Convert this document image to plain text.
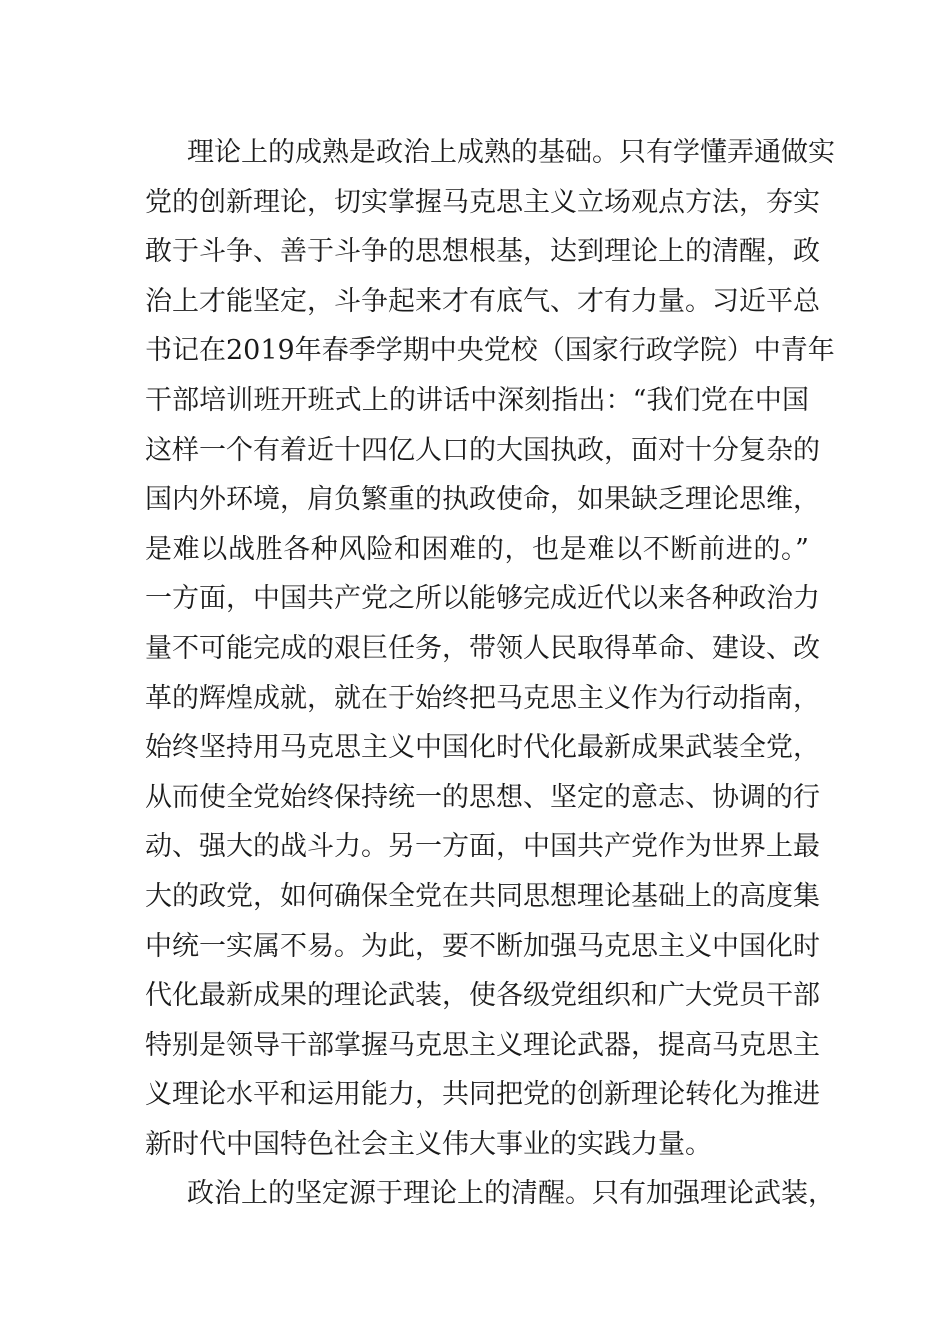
理论上的成熟是政治上成熟的基础。只有学懂弄通做实
党的创新理论，切实掌握马克思主义立场观点方法，夯实
敢于斗争、善于斗争的思想根基，达到理论上的清醒，政
治上才能坚定，斗争起来才有底气、才有力量。习近平总
书记在2019年春季学期中央党校（国家行政学院）中青年
干部培训班开班式上的讲话中深刻指出：“我们党在中国
这样一个有着近十四亿人口的大国执政，面对十分复杂的
国内外环境，肩负繁重的执政使命，如果缺乏理论思维，
是难以战胜各种风险和困难的，也是难以不断前进的。”
一方面，中国共产党之所以能够完成近代以来各种政治力
量不可能完成的艰巨任务，带领人民取得革命、建设、改
革的辉煌成就，就在于始终把马克思主义作为行动指南，
始终坚持用马克思主义中国化时代化最新成果武装全党，
从而使全党始终保持统一的思想、坚定的意志、协调的行
动、强大的战斗力。另一方面，中国共产党作为世界上最
大的政党，如何确保全党在共同思想理论基础上的高度集
中统一实属不易。为此，要不断加强马克思主义中国化时
代化最新成果的理论武装，使各级党组织和广大党员干部
特别是领导干部掌握马克思主义理论武器，提高马克思主
义理论水平和运用能力，共同把党的创新理论转化为推进
新时代中国特色社会主义伟大事业的实践力量。
政治上的坚定源于理论上的清醒。只有加强理论武装，
